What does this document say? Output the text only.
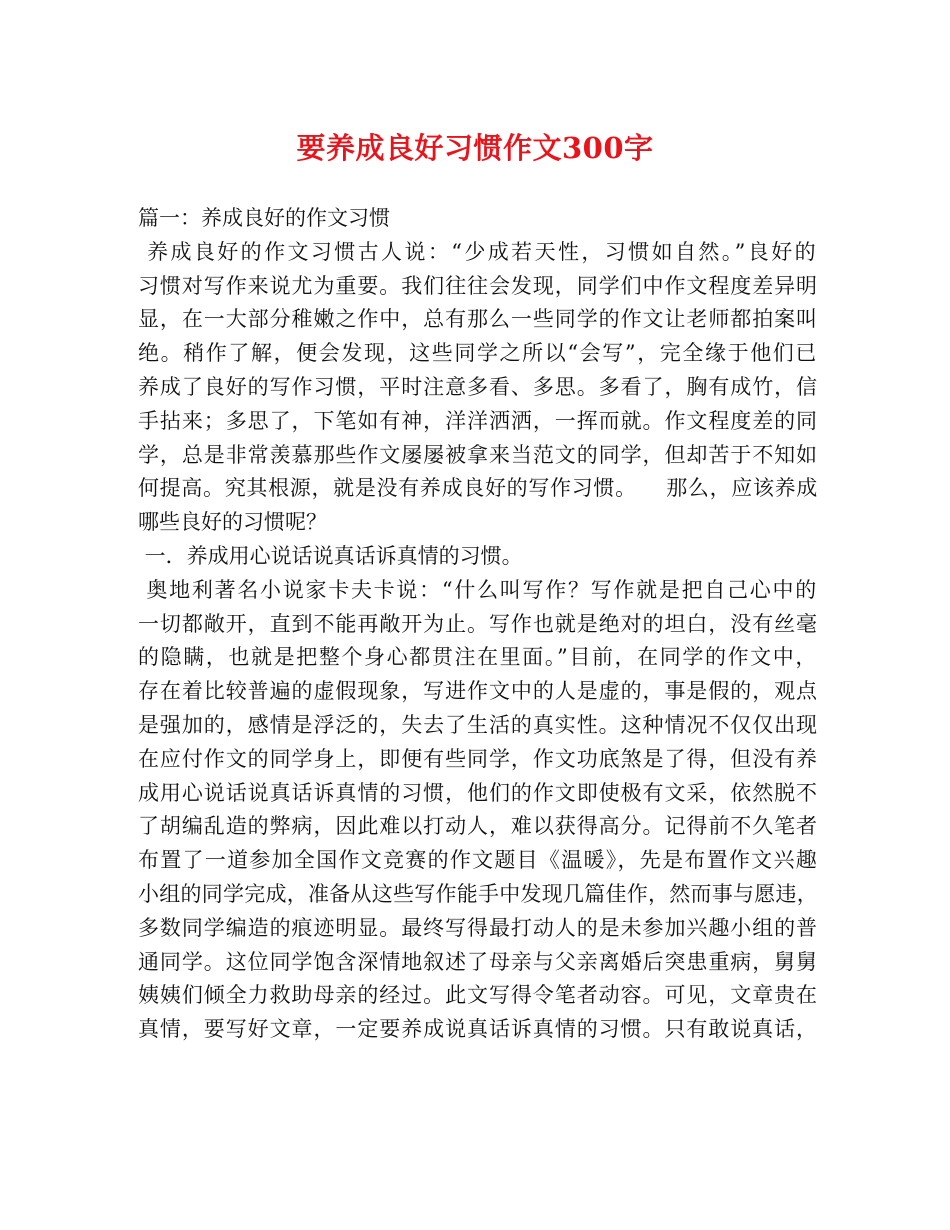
要养成良好习惯作文300字
篇一：养成良好的作文习惯
养成良好的作文习惯古人说：“少成若天性，习惯如自然。”良好的
习惯对写作来说尤为重要。我们往往会发现，同学们中作文程度差异明
显，在一大部分稚嫩之作中，总有那么一些同学的作文让老师都拍案叫
绝。稍作了解，便会发现，这些同学之所以“会写”，完全缘于他们已
养成了良好的写作习惯，平时注意多看、多思。多看了，胸有成竹，信
手拈来；多思了，下笔如有神，洋洋洒洒，一挥而就。作文程度差的同
学，总是非常羡慕那些作文屡屡被拿来当范文的同学，但却苦于不知如
何提高。究其根源，就是没有养成良好的写作习惯。    那么，应该养成
哪些良好的习惯呢？
一．养成用心说话说真话诉真情的习惯。
奥地利著名小说家卡夫卡说：“什么叫写作？写作就是把自己心中的
一切都敞开，直到不能再敞开为止。写作也就是绝对的坦白，没有丝毫
的隐瞒，也就是把整个身心都贯注在里面。”目前，在同学的作文中，
存在着比较普遍的虚假现象，写进作文中的人是虚的，事是假的，观点
是强加的，感情是浮泛的，失去了生活的真实性。这种情况不仅仅出现
在应付作文的同学身上，即便有些同学，作文功底煞是了得，但没有养
成用心说话说真话诉真情的习惯，他们的作文即使极有文采，依然脱不
了胡编乱造的弊病，因此难以打动人，难以获得高分。记得前不久笔者
布置了一道参加全国作文竞赛的作文题目《温暖》，先是布置作文兴趣
小组的同学完成，准备从这些写作能手中发现几篇佳作，然而事与愿违，
多数同学编造的痕迹明显。最终写得最打动人的是未参加兴趣小组的普
通同学。这位同学饱含深情地叙述了母亲与父亲离婚后突患重病，舅舅
姨姨们倾全力救助母亲的经过。此文写得令笔者动容。可见，文章贵在
真情，要写好文章，一定要养成说真话诉真情的习惯。只有敢说真话，
